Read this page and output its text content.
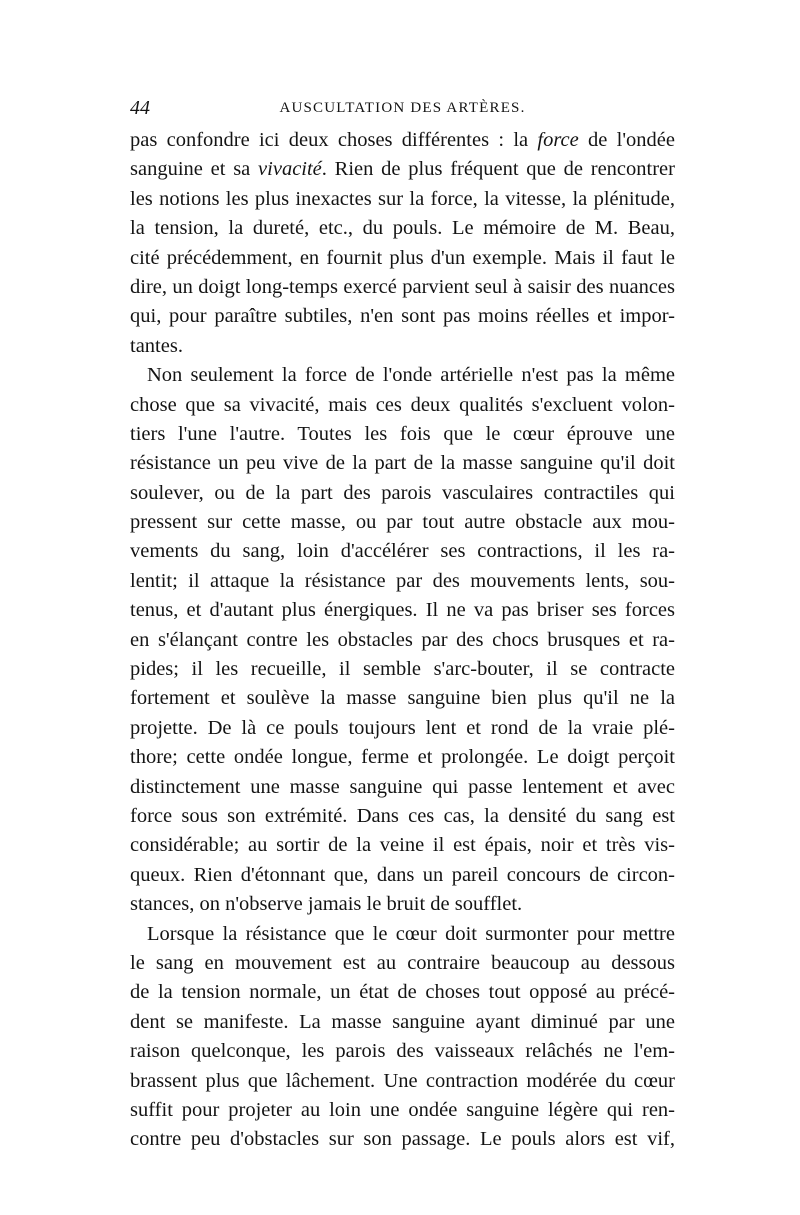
44	AUSCULTATION DES ARTÈRES.
pas confondre ici deux choses différentes : la force de l'ondée
sanguine et sa vivacité. Rien de plus fréquent que de rencontrer
les notions les plus inexactes sur la force, la vitesse, la plénitude,
la tension, la dureté, etc., du pouls. Le mémoire de M. Beau,
cité précédemment, en fournit plus d'un exemple. Mais il faut le
dire, un doigt long-temps exercé parvient seul à saisir des nuances
qui, pour paraître subtiles, n'en sont pas moins réelles et impor-
tantes.
Non seulement la force de l'onde artérielle n'est pas la même
chose que sa vivacité, mais ces deux qualités s'excluent volon-
tiers l'une l'autre. Toutes les fois que le cœur éprouve une
résistance un peu vive de la part de la masse sanguine qu'il doit
soulever, ou de la part des parois vasculaires contractiles qui
pressent sur cette masse, ou par tout autre obstacle aux mou-
vements du sang, loin d'accélérer ses contractions, il les ra-
lentit; il attaque la résistance par des mouvements lents, sou-
tenus, et d'autant plus énergiques. Il ne va pas briser ses forces
en s'élançant contre les obstacles par des chocs brusques et ra-
pides; il les recueille, il semble s'arc-bouter, il se contracte
fortement et soulève la masse sanguine bien plus qu'il ne la
projette. De là ce pouls toujours lent et rond de la vraie plé-
thore; cette ondée longue, ferme et prolongée. Le doigt perçoit
distinctement une masse sanguine qui passe lentement et avec
force sous son extrémité. Dans ces cas, la densité du sang est
considérable; au sortir de la veine il est épais, noir et très vis-
queux. Rien d'étonnant que, dans un pareil concours de circon-
stances, on n'observe jamais le bruit de soufflet.
Lorsque la résistance que le cœur doit surmonter pour mettre
le sang en mouvement est au contraire beaucoup au dessous
de la tension normale, un état de choses tout opposé au précé-
dent se manifeste. La masse sanguine ayant diminué par une
raison quelconque, les parois des vaisseaux relâchés ne l'em-
brassent plus que lâchement. Une contraction modérée du cœur
suffit pour projeter au loin une ondée sanguine légère qui ren-
contre peu d'obstacles sur son passage. Le pouls alors est vif,
